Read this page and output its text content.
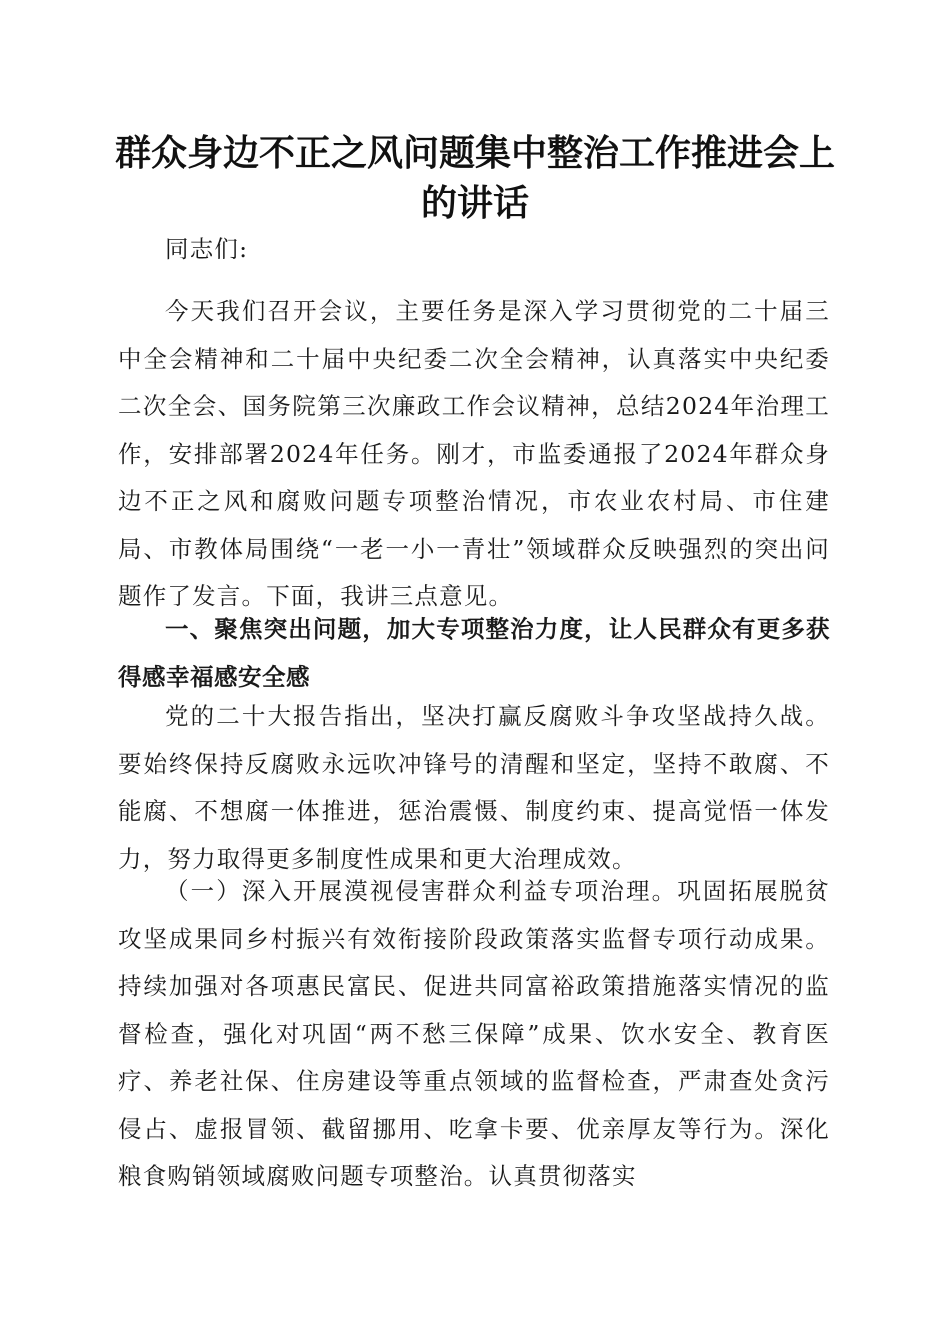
群众身边不正之风问题集中整治工作推进会上的讲话

同志们:

今天我们召开会议，主要任务是深入学习贯彻党的二十届三中全会精神和二十届中央纪委二次全会精神，认真落实中央纪委二次全会、国务院第三次廉政工作会议精神，总结2024年治理工作，安排部署2024年任务。刚才，市监委通报了2024年群众身边不正之风和腐败问题专项整治情况，市农业农村局、市住建局、市教体局围绕“一老一小一青壮”领域群众反映强烈的突出问题作了发言。下面，我讲三点意见。

一、聚焦突出问题，加大专项整治力度，让人民群众有更多获得感幸福感安全感

党的二十大报告指出，坚决打赢反腐败斗争攻坚战持久战。要始终保持反腐败永远吹冲锋号的清醒和坚定，坚持不敢腐、不能腐、不想腐一体推进，惩治震慑、制度约束、提高觉悟一体发力，努力取得更多制度性成果和更大治理成效。

（一）深入开展漠视侵害群众利益专项治理。巩固拓展脱贫攻坚成果同乡村振兴有效衔接阶段政策落实监督专项行动成果。持续加强对各项惠民富民、促进共同富裕政策措施落实情况的监督检查，强化对巩固“两不愁三保障”成果、饮水安全、教育医疗、养老社保、住房建设等重点领域的监督检查，严肃查处贪污侵占、虚报冒领、截留挪用、吃拿卡要、优亲厚友等行为。深化粮食购销领域腐败问题专项整治。认真贯彻落实
